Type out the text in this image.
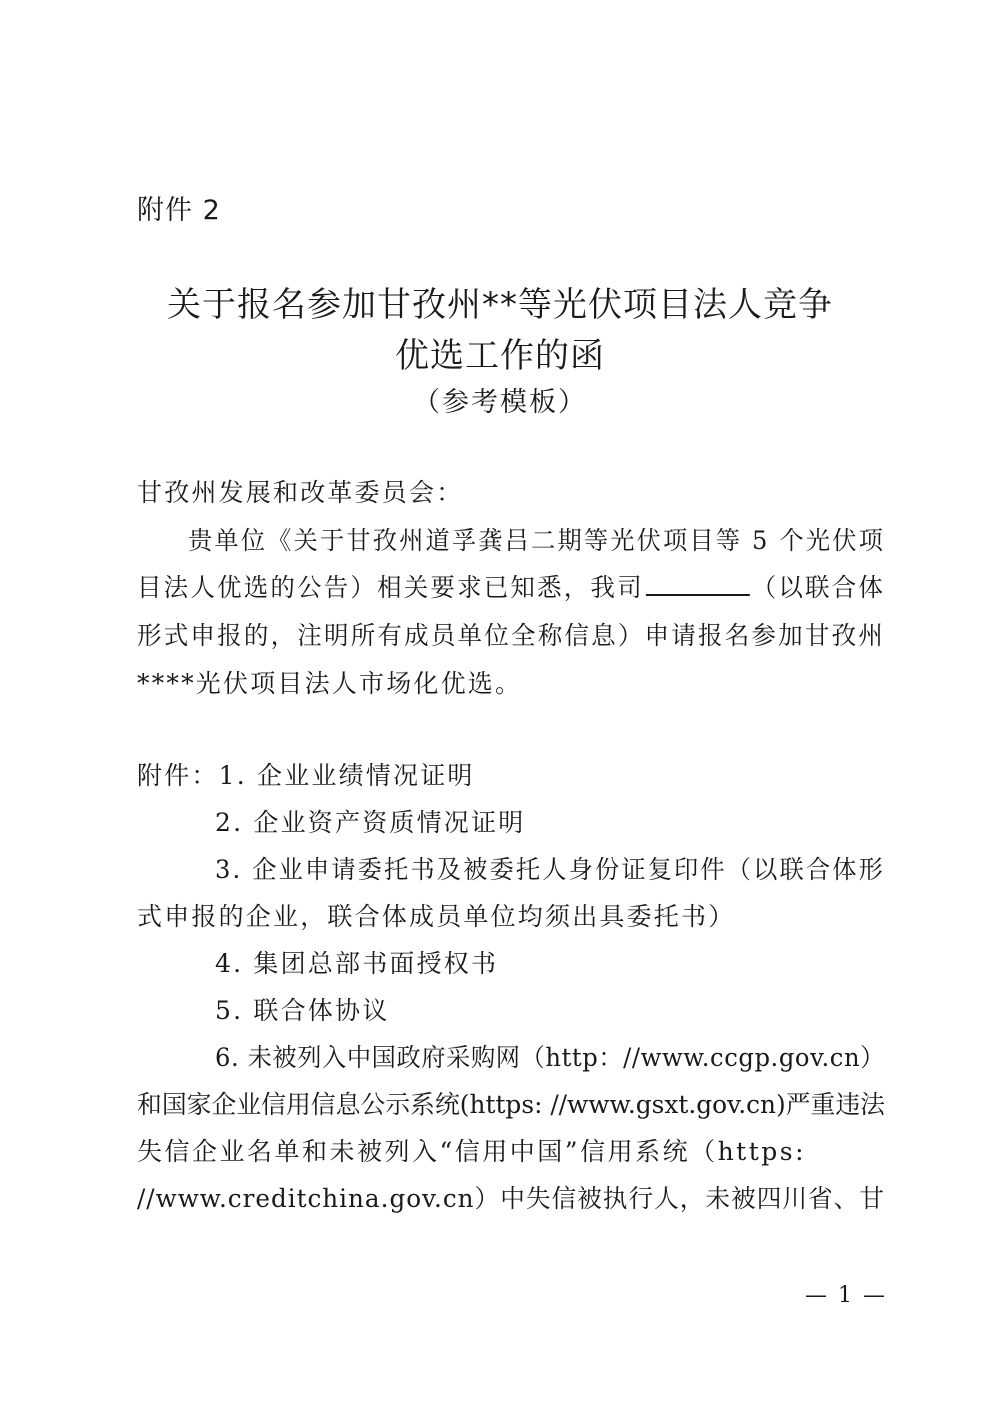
附件 2
关于报名参加甘孜州**等光伏项目法人竞争
优选工作的函
（参考模板）
甘孜州发展和改革委员会：
贵单位《关于甘孜州道孚龚吕二期等光伏项目等 5 个光伏项
目法人优选的公告）相关要求已知悉，我司	（以联合体
形式申报的，注明所有成员单位全称信息）申请报名参加甘孜州
****光伏项目法人市场化优选。
附件：1. 企业业绩情况证明
2. 企业资产资质情况证明
3. 企业申请委托书及被委托人身份证复印件（以联合体形
式申报的企业，联合体成员单位均须出具委托书）
4. 集团总部书面授权书
5. 联合体协议
6. 未被列入中国政府采购网（http：//www.ccgp.gov.cn）
和国家企业信用信息公示系统(https: //www.gsxt.gov.cn)严重违法
失信企业名单和未被列入“信用中国”信用系统（https:
//www.creditchina.gov.cn）中失信被执行人，未被四川省、甘
— 1 —
